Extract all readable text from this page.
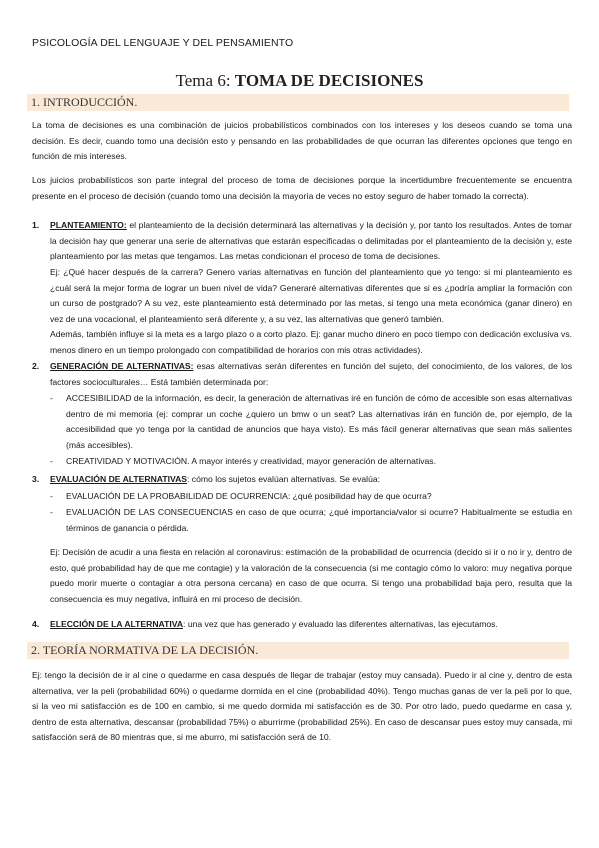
PSICOLOGÍA DEL LENGUAJE Y DEL PENSAMIENTO
Tema 6: TOMA DE DECISIONES
1. INTRODUCCIÓN.

La toma de decisiones es una combinación de juicios probabilísticos combinados con los intereses y los deseos cuando se toma una decisión. Es decir, cuando tomo una decisión esto y pensando en las probabilidades de que ocurran las diferentes opciones que tengo en función de mis intereses.

Los juicios probabilísticos son parte integral del proceso de toma de decisiones porque la incertidumbre frecuentemente se encuentra presente en el proceso de decisión (cuando tomo una decisión la mayoría de veces no estoy seguro de haber tomado la correcta).

1. PLANTEAMIENTO: el planteamiento de la decisión determinará las alternativas y la decisión y, por tanto los resultados. Antes de tomar la decisión hay que generar una serie de alternativas que estarán especificadas o delimitadas por el planteamiento de la decisión y, este planteamiento por las metas que tengamos. Las metas condicionan el proceso de toma de decisiones.

Ej: ¿Qué hacer después de la carrera? Genero varias alternativas en función del planteamiento que yo tengo: si mi planteamiento es ¿cuál será la mejor forma de lograr un buen nivel de vida? Generaré alternativas diferentes que si es ¿podría ampliar la formación con un curso de postgrado? A su vez, este planteamiento está determinado por las metas, si tengo una meta económica (ganar dinero) en vez de una vocacional, el planteamiento será diferente y, a su vez, las alternativas que generó también.

Además, también influye si la meta es a largo plazo o a corto plazo. Ej: ganar mucho dinero en poco tiempo con dedicación exclusiva vs. menos dinero en un tiempo prolongado con compatibilidad de horarios con mis otras actividades).

2. GENERACIÓN DE ALTERNATIVAS: esas alternativas serán diferentes en función del sujeto, del conocimiento, de los valores, de los factores socioculturales… Está también determinada por:

- ACCESIBILIDAD de la información, es decir, la generación de alternativas iré en función de cómo de accesible son esas alternativas dentro de mi memoria (ej: comprar un coche ¿quiero un bmw o un seat? Las alternativas irán en función de, por ejemplo, de la accesibilidad que yo tenga por la cantidad de anuncios que haya visto). Es más fácil generar alternativas que sean más salientes (más accesibles).

- CREATIVIDAD Y MOTIVACIÓN. A mayor interés y creatividad, mayor generación de alternativas.

3. EVALUACIÓN DE ALTERNATIVAS: cómo los sujetos evalúan alternativas. Se evalúa:

- EVALUACIÓN DE LA PROBABILIDAD DE OCURRENCIA: ¿qué posibilidad hay de que ocurra?

- EVALUACIÓN DE LAS CONSECUENCIAS en caso de que ocurra; ¿qué importancia/valor si ocurre? Habitualmente se estudia en términos de ganancia o pérdida.

Ej: Decisión de acudir a una fiesta en relación al coronavirus: estimación de la probabilidad de ocurrencia (decido si ir o no ir y, dentro de esto, qué probabilidad hay de que me contagie) y la valoración de la consecuencia (si me contagio cómo lo valoro: muy negativa porque puedo morir muerte o contagiar a otra persona cercana) en caso de que ocurra. Si tengo una probabilidad baja pero, resulta que la consecuencia es muy negativa, influirá en mi proceso de decisión.

4. ELECCIÓN DE LA ALTERNATIVA: una vez que has generado y evaluado las diferentes alternativas, las ejecutamos.

2. TEORÍA NORMATIVA DE LA DECISIÓN.

Ej: tengo la decisión de ir al cine o quedarme en casa después de llegar de trabajar (estoy muy cansada). Puedo ir al cine y, dentro de esta alternativa, ver la peli (probabilidad 60%) o quedarme dormida en el cine (probabilidad 40%). Tengo muchas ganas de ver la peli por lo que, si la veo mi satisfacción es de 100 en cambio, si me quedo dormida mi satisfacción es de 30. Por otro lado, puedo quedarme en casa y, dentro de esta alternativa, descansar (probabilidad 75%) o aburrirme (probabilidad 25%). En caso de descansar pues estoy muy cansada, mi satisfacción será de 80 mientras que, si me aburro, mi satisfacción será de 10.
